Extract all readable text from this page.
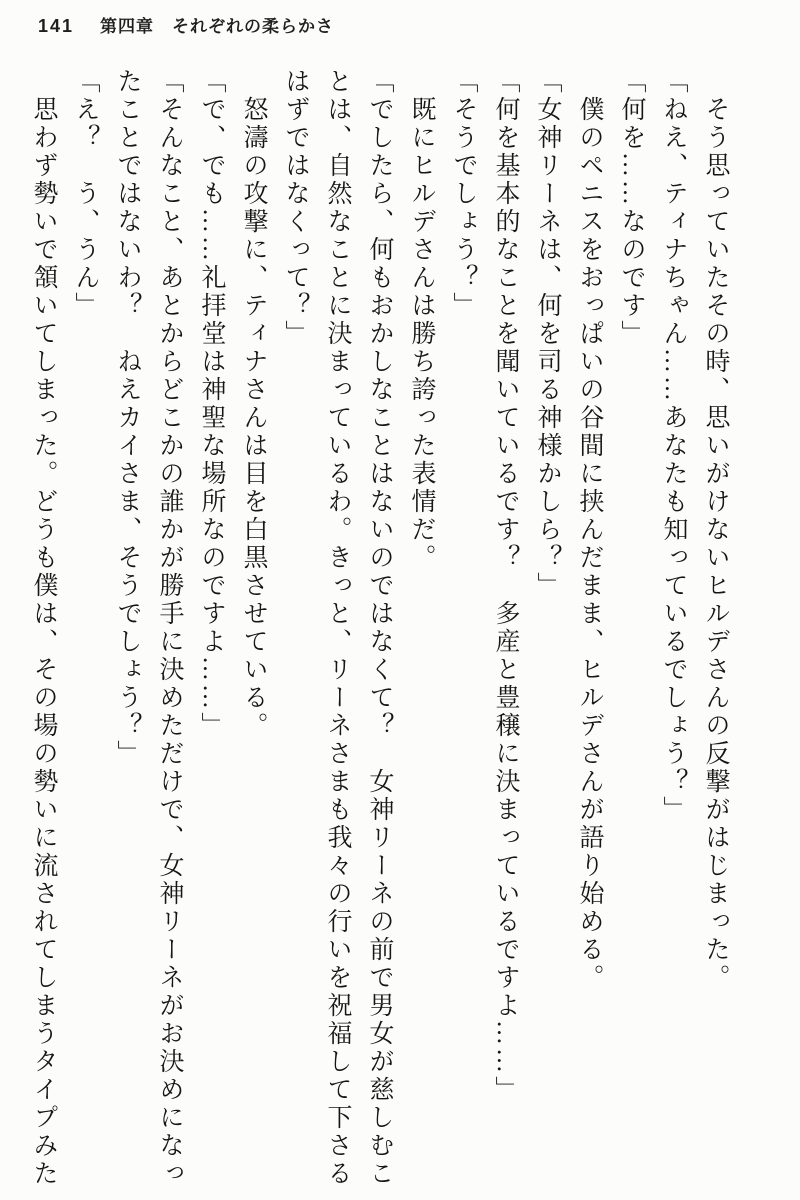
141 第四章　それぞれの柔らかさ

　そう思っていたその時、思いがけないヒルデさんの反撃がはじまった。

「ねえ、ティナちゃん……あなたも知っているでしょう？」

「何を……なのです」

　僕のペニスをおっぱいの谷間に挟んだまま、ヒルデさんが語り始める。

「女神リーネは、何を司る神様かしら？」

「何を基本的なことを聞いているです？　多産と豊穣に決まっているですよ……」

「そうでしょう？」

　既にヒルデさんは勝ち誇った表情だ。

「でしたら、何もおかしなことはないのではなくて？　女神リーネの前で男女が慈しむこ

とは、自然なことに決まっているわ。きっと、リーネさまも我々の行いを祝福して下さる

はずではなくって？」

　怒濤の攻撃に、ティナさんは目を白黒させている。

「で、でも……礼拝堂は神聖な場所なのですよ……」

「そんなこと、あとからどこかの誰かが勝手に決めただけで、女神リーネがお決めになっ

たことではないわ？　ねえカイさま、そうでしょう？」

「え？　う、うん」

　思わず勢いで頷いてしまった。どうも僕は、その場の勢いに流されてしまうタイプみた
